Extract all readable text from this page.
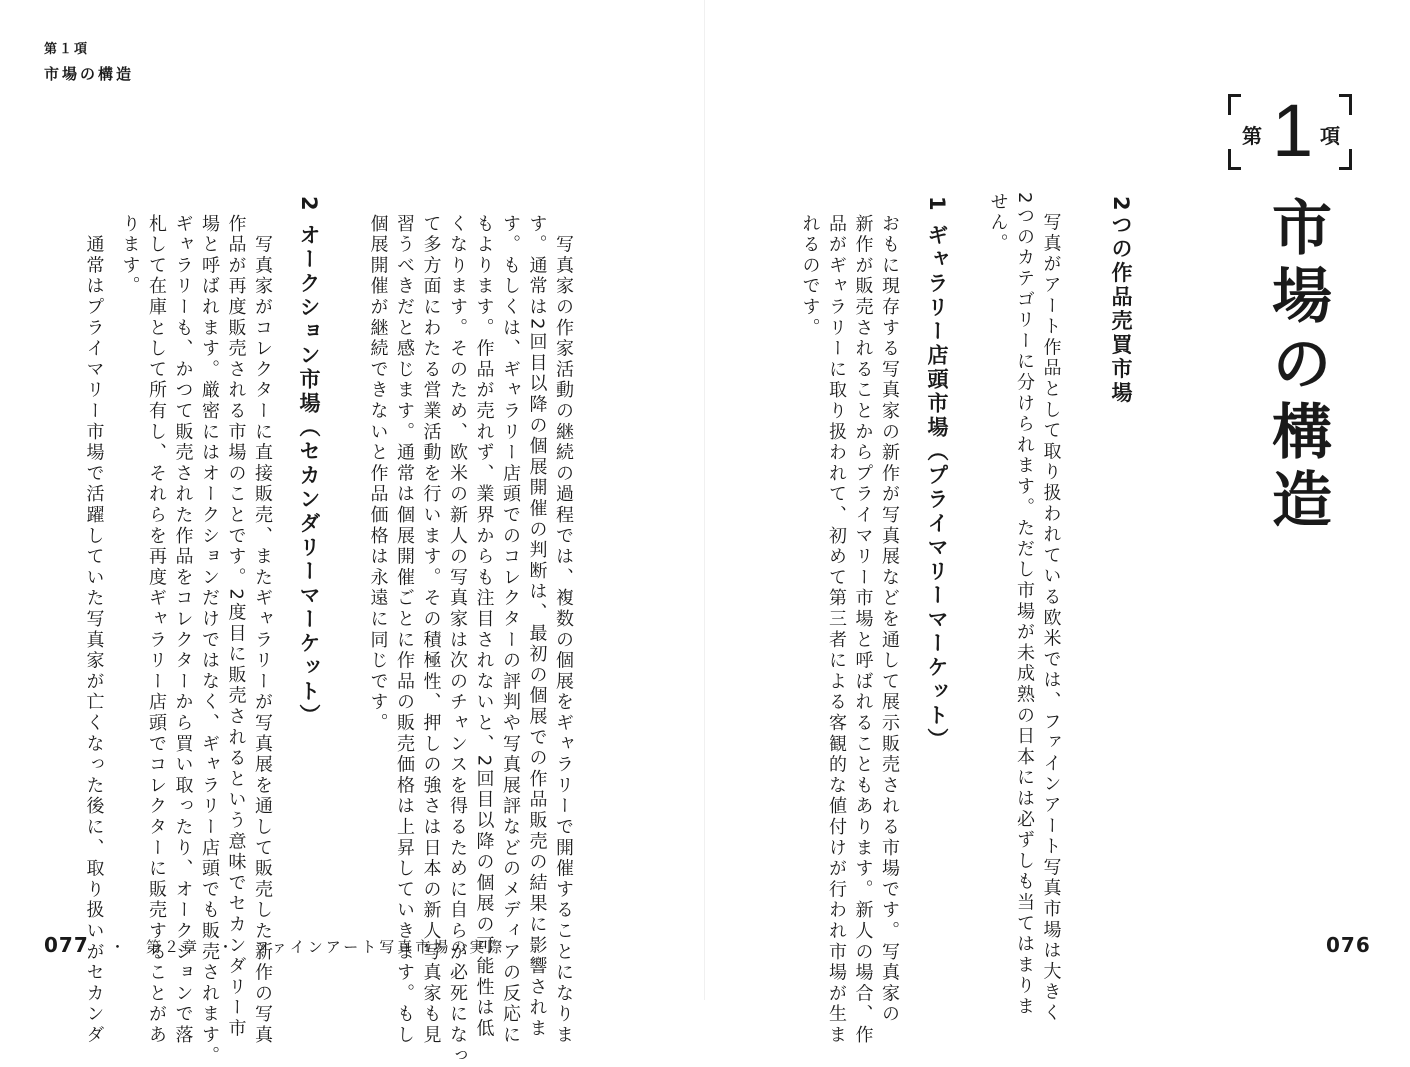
第１項
市場の構造
第 1 項
市場の構造
2つの作品売買市場
　写真がアート作品として取り扱われている欧米では、ファインアート写真市場は大きく
2つのカテゴリーに分けられます。ただし市場が未成熟の日本には必ずしも当てはまりま
せん。
1 ギャラリー店頭市場（プライマリーマーケット）
おもに現存する写真家の新作が写真展などを通して展示販売される市場です。写真家の
新作が販売されることからプライマリー市場と呼ばれることもあります。新人の場合、作
品がギャラリーに取り扱われて、初めて第三者による客観的な値付けが行われ市場が生ま
れるのです。
　写真家の作家活動の継続の過程では、複数の個展をギャラリーで開催することになりま
す。通常は2回目以降の個展開催の判断は、最初の個展での作品販売の結果に影響されま
す。もしくは、ギャラリー店頭でのコレクターの評判や写真展評などのメディアの反応に
もよります。作品が売れず、業界からも注目されないと、2回目以降の個展の可能性は低
くなります。そのため、欧米の新人の写真家は次のチャンスを得るために自らが必死になっ
て多方面にわたる営業活動を行います。その積極性、押しの強さは日本の新人写真家も見
習うべきだと感じます。通常は個展開催ごとに作品の販売価格は上昇していきます。もし
個展開催が継続できないと作品価格は永遠に同じです。
2 オークション市場（セカンダリーマーケット）
　写真家がコレクターに直接販売、またギャラリーが写真展を通して販売した新作の写真
作品が再度販売される市場のことです。2度目に販売されるという意味でセカンダリー市
場と呼ばれます。厳密にはオークションだけではなく、ギャラリー店頭でも販売されます。
ギャラリーも、かつて販売された作品をコレクターから買い取ったり、オークションで落
札して在庫として所有し、それらを再度ギャラリー店頭でコレクターに販売することがあ
ります。
　通常はプライマリー市場で活躍していた写真家が亡くなった後に、取り扱いがセカンダ
077 ・　第２章　・　ファインアート写真市場の実際	076
